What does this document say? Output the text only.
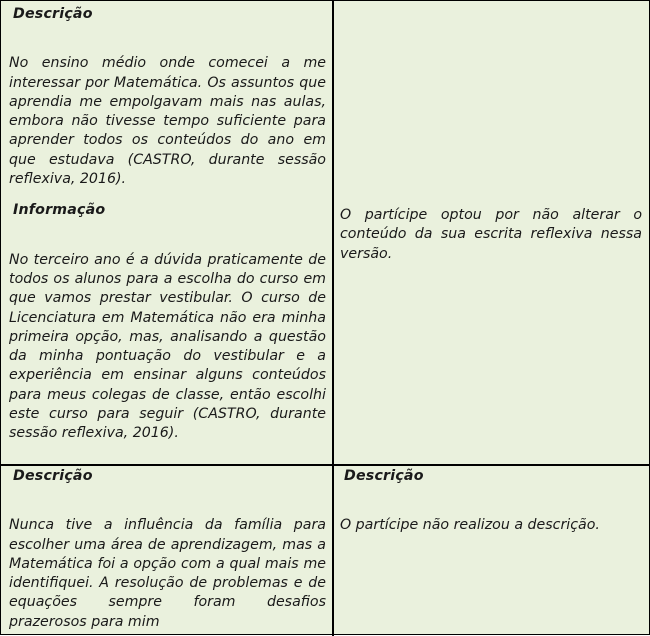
Descrição

No ensino médio onde comecei a me interessar por Matemática. Os assuntos que aprendia me empolgavam mais nas aulas, embora não tivesse tempo suficiente para aprender todos os conteúdos do ano em que estudava (CASTRO, durante sessão reflexiva, 2016).

Informação

No terceiro ano é a dúvida praticamente de todos os alunos para a escolha do curso em que vamos prestar vestibular. O curso de Licenciatura em Matemática não era minha primeira opção, mas, analisando a questão da minha pontuação do vestibular e a experiência em ensinar alguns conteúdos para meus colegas de classe, então escolhi este curso para seguir (CASTRO, durante sessão reflexiva, 2016).

O partícipe optou por não alterar o conteúdo da sua escrita reflexiva nessa versão.

Descrição

Nunca tive a influência da família para escolher uma área de aprendizagem, mas a Matemática foi a opção com a qual mais me identifiquei. A resolução de problemas e de equações sempre foram desafios prazerosos para mim

Descrição

O partícipe não realizou a descrição.
